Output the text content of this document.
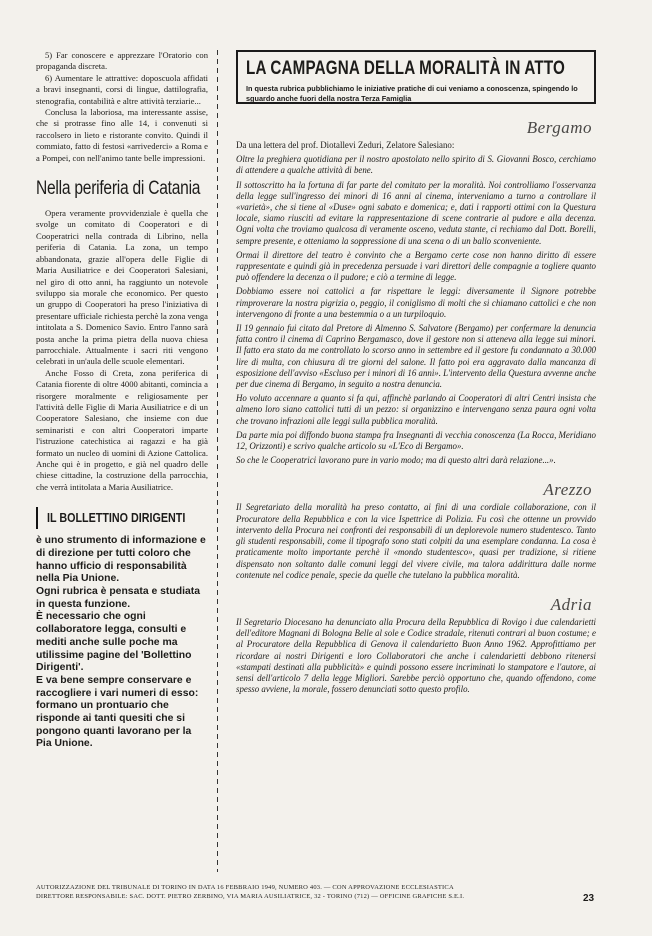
5) Far conoscere e apprezzare l'Oratorio con propaganda discreta.

6) Aumentare le attrattive: doposcuola affidati a bravi insegnanti, corsi di lingue, dattilografia, stenografia, contabilità e altre attività terziarie...

Conclusa la laboriosa, ma interessante assise, che si protrasse fino alle 14, i convenuti si raccolsero in lieto e ristorante convito. Quindi il commiato, fatto di festosi «arrivederci» a Roma e a Pompei, con nell'animo tante belle impressioni.

Nella periferia di Catania

Opera veramente provvidenziale è quella che svolge un comitato di Cooperatori e di Cooperatrici nella contrada di Librino, nella periferia di Catania. La zona, un tempo abbandonata, grazie all'opera delle Figlie di Maria Ausiliatrice e dei Cooperatori Salesiani, nel giro di otto anni, ha raggiunto un notevole sviluppo sia morale che economico. Per questo un gruppo di Cooperatori ha preso l'iniziativa di presentare ufficiale richiesta perchè la zona venga intitolata a S. Domenico Savio. Entro l'anno sarà posta anche la prima pietra della nuova chiesa parrocchiale. Attualmente i sacri riti vengono celebrati in un'aula delle scuole elementari.

Anche Fosso di Creta, zona periferica di Catania fiorente di oltre 4000 abitanti, comincia a risorgere moralmente e religiosamente per l'attività delle Figlie di Maria Ausiliatrice e di un Cooperatore Salesiano, che insieme con due seminaristi e con altri Cooperatori imparte l'istruzione catechistica ai ragazzi e ha già formato un nucleo di uomini di Azione Cattolica. Anche qui è in progetto, e già nel quadro delle chiese cittadine, la costruzione della parrocchia, che verrà intitolata a Maria Ausiliatrice.

IL BOLLETTINO DIRIGENTI

è uno strumento di informazione e di direzione per tutti coloro che hanno ufficio di responsabilità nella Pia Unione.

Ogni rubrica è pensata e studiata in questa funzione.

È necessario che ogni collaboratore legga, consulti e mediti anche sulle poche ma utilissime pagine del 'Bollettino Dirigenti'.

E va bene sempre conservare e raccogliere i vari numeri di esso: formano un prontuario che risponde ai tanti quesiti che si pongono quanti lavorano per la Pia Unione.

LA CAMPAGNA DELLA MORALITÀ IN ATTO

In questa rubrica pubblichiamo le iniziative pratiche di cui veniamo a conoscenza, spingendo lo sguardo anche fuori della nostra Terza Famiglia

Bergamo

Da una lettera del prof. Diotallevi Zeduri, Zelatore Salesiano:

Oltre la preghiera quotidiana per il nostro apostolato nello spirito di S. Giovanni Bosco, cerchiamo di attendere a qualche attività di bene.

Il sottoscritto ha la fortuna di far parte del comitato per la moralità. Noi controlliamo l'osservanza della legge sull'ingresso dei minori di 16 anni al cinema, interveniamo a turno a controllare il «varietà», che si tiene al «Duse» ogni sabato e domenica; e, dati i rapporti ottimi con la Questura locale, siamo riusciti ad evitare la rappresentazione di scene contrarie al pudore e alla decenza. Ogni volta che troviamo qualcosa di veramente osceno, veduta stante, ci rechiamo dal Dott. Borelli, sempre presente, e otteniamo la soppressione di una scena o di un ballo sconveniente.

Ormai il direttore del teatro è convinto che a Bergamo certe cose non hanno diritto di essere rappresentate e quindi già in precedenza persuade i vari direttori delle compagnie a togliere quanto può offendere la decenza o il pudore; e ciò a termine di legge.

Dobbiamo essere noi cattolici a far rispettare le leggi: diversamente il Signore potrebbe rimproverare la nostra pigrizia o, peggio, il coniglismo di molti che si chiamano cattolici e che non intervengono di fronte a una bestemmia o a un turpiloquio.

Il 19 gennaio fui citato dal Pretore di Almenno S. Salvatore (Bergamo) per confermare la denuncia fatta contro il cinema di Caprino Bergamasco, dove il gestore non si atteneva alla legge sui minori. Il fatto era stato da me controllato lo scorso anno in settembre ed il gestore fu condannato a 30.000 lire di multa, con chiusura di tre giorni del salone. Il fatto poi era aggravato dalla mancanza di esposizione dell'avviso «Escluso per i minori di 16 anni». L'intervento della Questura avvenne anche per due cinema di Bergamo, in seguito a nostra denuncia.

Ho voluto accennare a quanto si fa qui, affinchè parlando ai Cooperatori di altri Centri insista che almeno loro siano cattolici tutti di un pezzo: si organizzino e intervengano senza paura ogni volta che trovano infrazioni alle leggi sulla pubblica moralità.

Da parte mia poi diffondo buona stampa fra Insegnanti di vecchia conoscenza (La Rocca, Meridiano 12, Orizzonti) e scrivo qualche articolo su «L'Eco di Bergamo».

So che le Cooperatrici lavorano pure in vario modo; ma di questo altri darà relazione...».

Arezzo

Il Segretariato della moralità ha preso contatto, ai fini di una cordiale collaborazione, con il Procuratore della Repubblica e con la vice Ispettrice di Polizia. Fu così che ottenne un provvido intervento della Procura nei confronti dei responsabili di un deplorevole numero studentesco. Tanto gli studenti responsabili, come il tipografo sono stati colpiti da una esemplare condanna. La cosa è praticamente molto importante perchè il «mondo studentesco», quasi per tradizione, si ritiene dispensato non soltanto dalle comuni leggi del vivere civile, ma talora addirittura dalle norme contenute nel codice penale, specie da quelle che tutelano la pubblica moralità.

Adria

Il Segretario Diocesano ha denunciato alla Procura della Repubblica di Rovigo i due calendarietti dell'editore Magnani di Bologna Belle al sole e Codice stradale, ritenuti contrari al buon costume; e al Procuratore della Repubblica di Genova il calendarietto Buon Anno 1962. Approfittiamo per ricordare ai nostri Dirigenti e loro Collaboratori che anche i calendarietti debbono ritenersi «stampati destinati alla pubblicità» e quindi possono essere incriminati lo stampatore e l'autore, ai sensi dell'articolo 7 della legge Migliori. Sarebbe perciò opportuno che, quando offendono, come spesso avviene, la morale, fossero denunciati sotto questo profilo.

AUTORIZZAZIONE DEL TRIBUNALE DI TORINO IN DATA 16 FEBBRAIO 1949, NUMERO 403. — CON APPROVAZIONE ECCLESIASTICA
DIRETTORE RESPONSABILE: SAC. DOTT. PIETRO ZERBINO, VIA MARIA AUSILIATRICE, 32 - TORINO (712) — OFFICINE GRAFICHE S.E.I.	23
